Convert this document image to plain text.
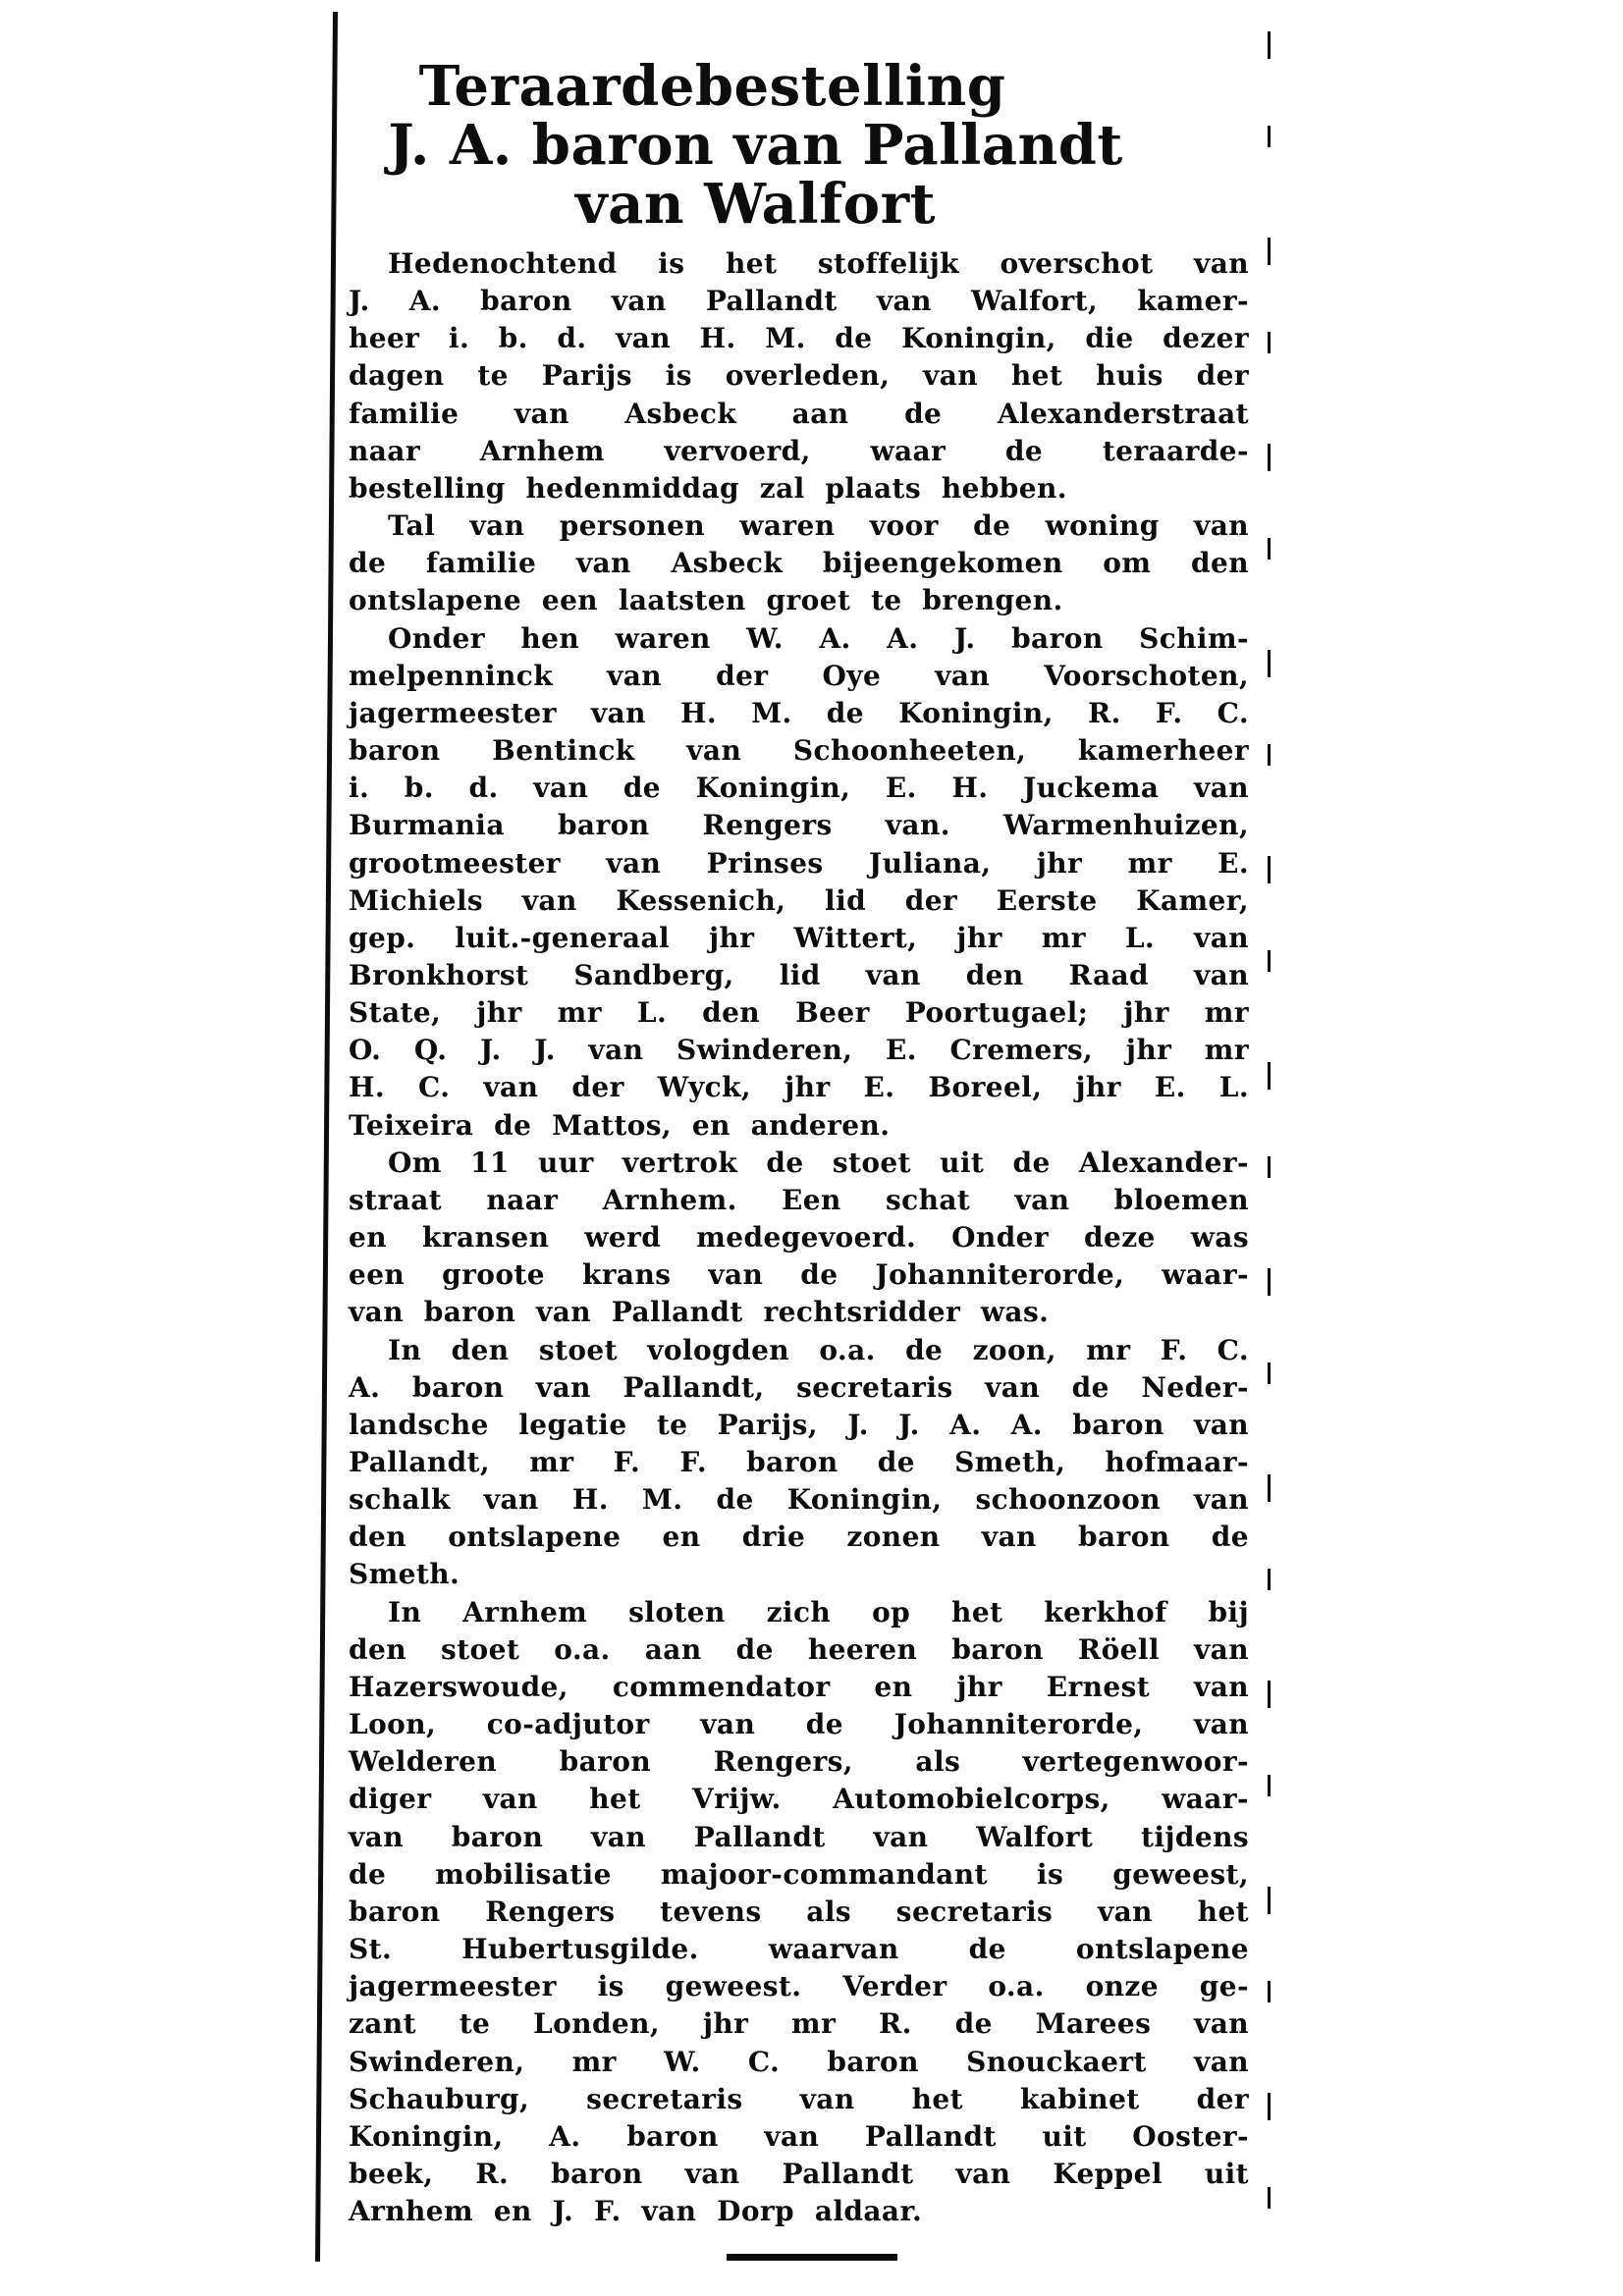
Teraardebestelling
J. A. baron van Pallandt
van Walfort
Hedenochtend is het stoffelijk overschot van
J. A. baron van Pallandt van Walfort, kamer-
heer i. b. d. van H. M. de Koningin, die dezer
dagen te Parijs is overleden, van het huis der
familie van Asbeck aan de Alexanderstraat
naar Arnhem vervoerd, waar de teraarde-
bestelling hedenmiddag zal plaats hebben.
Tal van personen waren voor de woning van
de familie van Asbeck bijeengekomen om den
ontslapene een laatsten groet te brengen.
Onder hen waren W. A. A. J. baron Schim-
melpenninck van der Oye van Voorschoten,
jagermeester van H. M. de Koningin, R. F. C.
baron Bentinck van Schoonheeten, kamerheer
i. b. d. van de Koningin, E. H. Juckema van
Burmania baron Rengers van. Warmenhuizen,
grootmeester van Prinses Juliana, jhr mr E.
Michiels van Kessenich, lid der Eerste Kamer,
gep. luit.-generaal jhr Wittert, jhr mr L. van
Bronkhorst Sandberg, lid van den Raad van
State, jhr mr L. den Beer Poortugael; jhr mr
O. Q. J. J. van Swinderen, E. Cremers, jhr mr
H. C. van der Wyck, jhr E. Boreel, jhr E. L.
Teixeira de Mattos, en anderen.
Om 11 uur vertrok de stoet uit de Alexander-
straat naar Arnhem. Een schat van bloemen
en kransen werd medegevoerd. Onder deze was
een groote krans van de Johanniterorde, waar-
van baron van Pallandt rechtsridder was.
In den stoet vologden o.a. de zoon, mr F. C.
A. baron van Pallandt, secretaris van de Neder-
landsche legatie te Parijs, J. J. A. A. baron van
Pallandt, mr F. F. baron de Smeth, hofmaar-
schalk van H. M. de Koningin, schoonzoon van
den ontslapene en drie zonen van baron de
Smeth.
In Arnhem sloten zich op het kerkhof bij
den stoet o.a. aan de heeren baron Röell van
Hazerswoude, commendator en jhr Ernest van
Loon, co-adjutor van de Johanniterorde, van
Welderen baron Rengers, als vertegenwoor-
diger van het Vrijw. Automobielcorps, waar-
van baron van Pallandt van Walfort tijdens
de mobilisatie majoor-commandant is geweest,
baron Rengers tevens als secretaris van het
St. Hubertusgilde. waarvan de ontslapene
jagermeester is geweest. Verder o.a. onze ge-
zant te Londen, jhr mr R. de Marees van
Swinderen, mr W. C. baron Snouckaert van
Schauburg, secretaris van het kabinet der
Koningin, A. baron van Pallandt uit Ooster-
beek, R. baron van Pallandt van Keppel uit
Arnhem en J. F. van Dorp aldaar.
